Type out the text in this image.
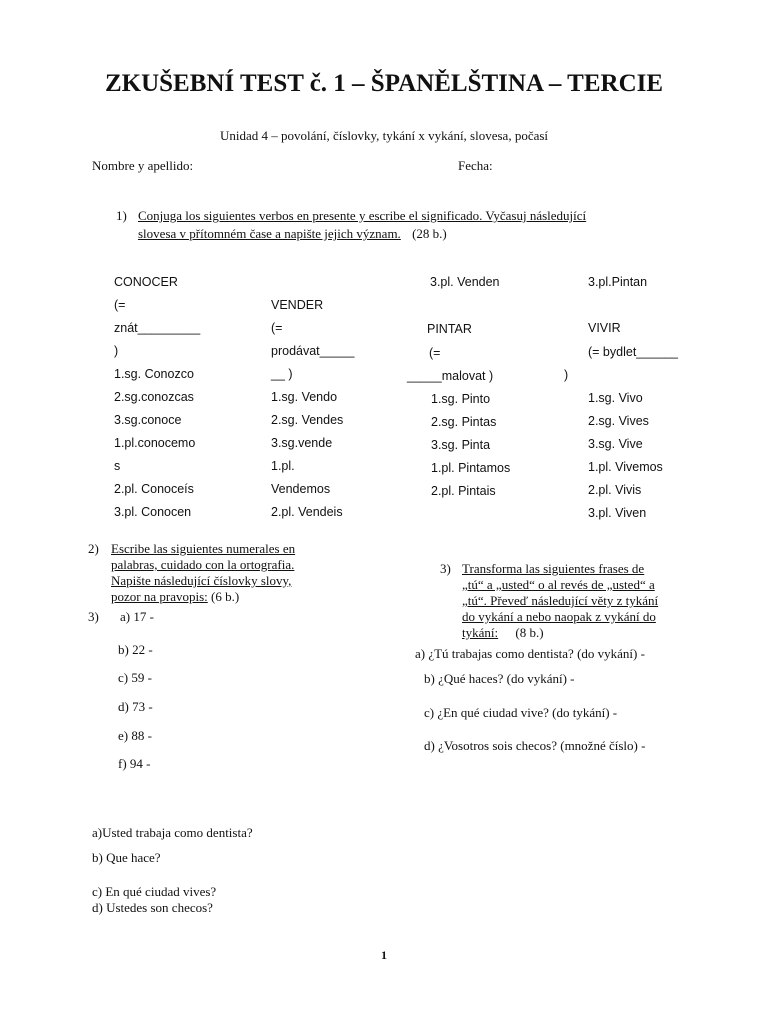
ZKUŠEBNÍ TEST č. 1 – ŠPANĚLŠTINA – TERCIE
Unidad 4 – povolání, číslovky, tykání x vykání, slovesa, počasí
Nombre y apellido:	Fecha:
1) Conjuga los siguientes verbos en presente y escribe el significado. Vyčasuj následující
slovesa v přítomném čase a napište jejich význam. (28 b.)
CONOCER
(=
znát_________
)
1.sg. Conozco
2.sg.conozcas
3.sg.conoce
1.pl.conocemo
s
2.pl. Conoceís
3.pl. Conocen
VENDER
(=
prodávat_____
__ )
1.sg. Vendo
2.sg. Vendes
3.sg.vende
1.pl.
Vendemos
2.pl. Vendeis
3.pl. Venden
PINTAR
(=
_____malovat )
1.sg. Pinto
2.sg. Pintas
3.sg. Pinta
1.pl. Pintamos
2.pl. Pintais
3.pl.Pintan
VIVIR
(= bydlet______
)
1.sg. Vivo
2.sg. Vives
3.sg. Vive
1.pl. Vivemos
2.pl. Vivis
3.pl. Viven
2) Escribe las siguientes numerales en
palabras, cuidado con la ortografia.
Napište následující číslovky slovy,
pozor na pravopis: (6 b.)
3) a) 17 -
b) 22 -
c) 59 -
d) 73 -
e) 88 -
f) 94 -
3) Transforma las siguientes frases de
„tú“ a „usted“ o al revés de „usted“ a
„tú“. Převeď následující věty z tykání
do vykání a nebo naopak z vykání do
tykání: (8 b.)
a) ¿Tú trabajas como dentista? (do vykání) -
b) ¿Qué haces? (do vykání) -
c) ¿En qué ciudad vive? (do tykání) -
d) ¿Vosotros sois checos? (množné číslo) -
a)Usted trabaja como dentista?
b) Que hace?
c) En qué ciudad vives?
d) Ustedes son checos?
1
